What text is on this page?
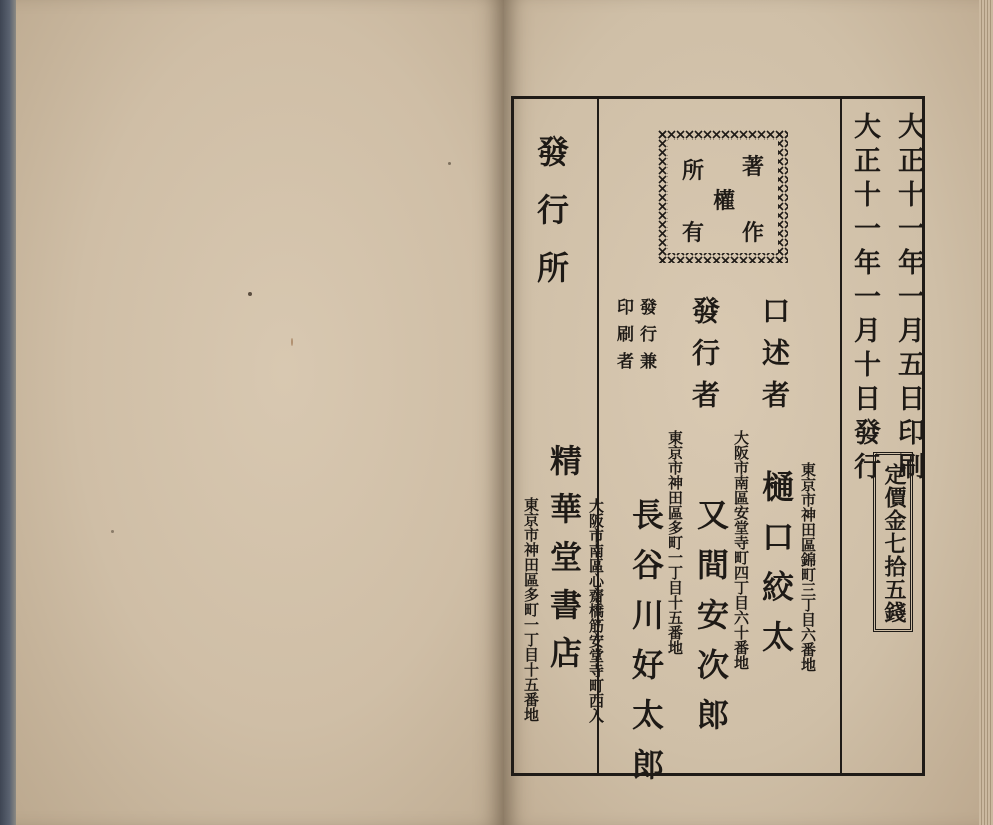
大正十一年一月五日印刷
大正十一年一月十日發行
定價金七拾五錢
著
所
權
作
有
口述者
發行者
發行兼
印刷者
東京市神田區錦町三丁目六番地
樋口絞太
大阪市南區安堂寺町四丁目六十番地
又間安次郎
東京市神田區多町一丁目十五番地
長谷川好太郎
發行所
精華堂書店 大阪市南區心齋橋筋安堂寺町西入
東京市神田區多町一丁目十五番地
